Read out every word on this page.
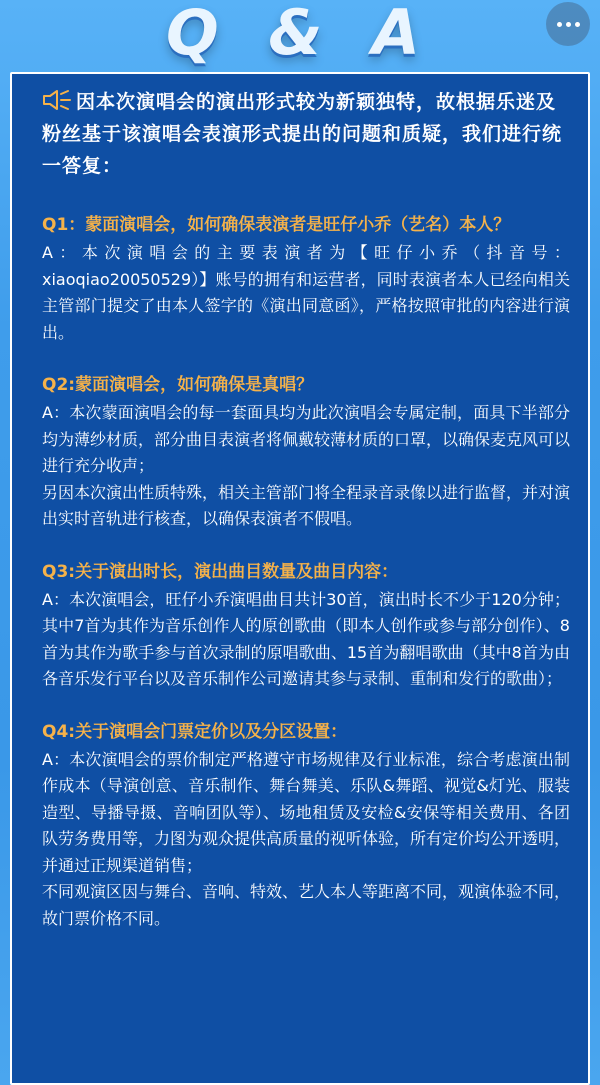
Q & A
因本次演唱会的演出形式较为新颖独特，故根据乐迷及粉丝基于该演唱会表演形式提出的问题和质疑，我们进行统一答复：
Q1：蒙面演唱会，如何确保表演者是旺仔小乔（艺名）本人？
A：本次演唱会的主要表演者为【旺仔小乔（抖音号：xiaoqiao20050529）】账号的拥有和运营者，同时表演者本人已经向相关主管部门提交了由本人签字的《演出同意函》，严格按照审批的内容进行演出。
Q2:蒙面演唱会，如何确保是真唱？
A：本次蒙面演唱会的每一套面具均为此次演唱会专属定制，面具下半部分均为薄纱材质，部分曲目表演者将佩戴较薄材质的口罩，以确保麦克风可以进行充分收声；
另因本次演出性质特殊，相关主管部门将全程录音录像以进行监督，并对演出实时音轨进行核查，以确保表演者不假唱。
Q3:关于演出时长，演出曲目数量及曲目内容：
A：本次演唱会，旺仔小乔演唱曲目共计30首，演出时长不少于120分钟；其中7首为其作为音乐创作人的原创歌曲（即本人创作或参与部分创作）、8首为其作为歌手参与首次录制的原唱歌曲、15首为翻唱歌曲（其中8首为由各音乐发行平台以及音乐制作公司邀请其参与录制、重制和发行的歌曲）；
Q4:关于演唱会门票定价以及分区设置：
A：本次演唱会的票价制定严格遵守市场规律及行业标准，综合考虑演出制作成本（导演创意、音乐制作、舞台舞美、乐队&舞蹈、视觉&灯光、服装造型、导播导摄、音响团队等）、场地租赁及安检&安保等相关费用、各团队劳务费用等，力图为观众提供高质量的视听体验，所有定价均公开透明，并通过正规渠道销售；
不同观演区因与舞台、音响、特效、艺人本人等距离不同，观演体验不同，故门票价格不同。
